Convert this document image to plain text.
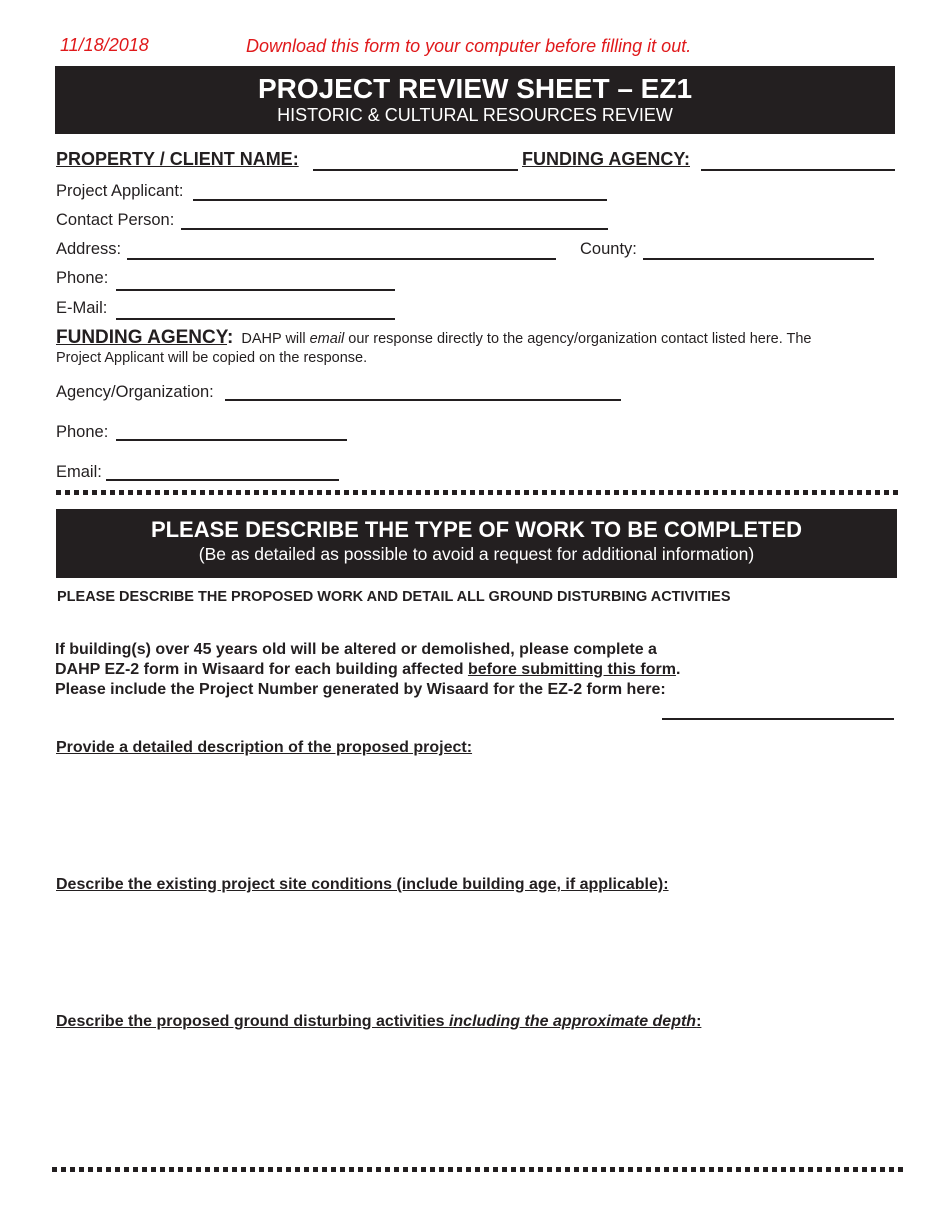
11/18/2018	Download this form to your computer before filling it out.
PROJECT REVIEW SHEET – EZ1
HISTORIC & CULTURAL RESOURCES REVIEW
PROPERTY / CLIENT NAME:	FUNDING AGENCY:
Project Applicant:
Contact Person:
Address:	County:
Phone:
E-Mail:
FUNDING AGENCY: DAHP will email our response directly to the agency/organization contact listed here. The
Project Applicant will be copied on the response.
Agency/Organization:
Phone:
Email:
PLEASE DESCRIBE THE TYPE OF WORK TO BE COMPLETED
(Be as detailed as possible to avoid a request for additional information)
PLEASE DESCRIBE THE PROPOSED WORK AND DETAIL ALL GROUND DISTURBING ACTIVITIES
If building(s) over 45 years old will be altered or demolished, please complete a
DAHP EZ-2 form in Wisaard for each building affected before submitting this form.
Please include the Project Number generated by Wisaard for the EZ-2 form here:
Provide a detailed description of the proposed project:
Describe the existing project site conditions (include building age, if applicable):
Describe the proposed ground disturbing activities including the approximate depth:
